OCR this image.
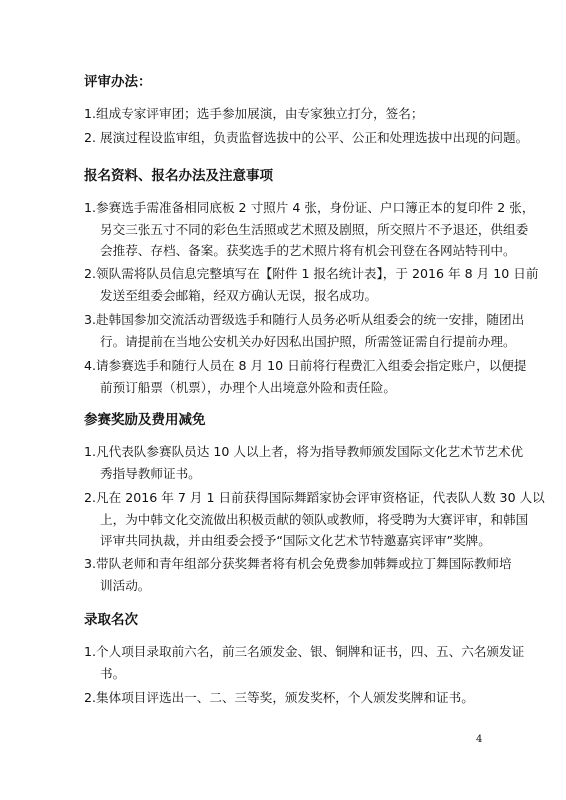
评审办法：
1.组成专家评审团；选手参加展演，由专家独立打分，签名；
2. 展演过程设监审组，负责监督选拔中的公平、公正和处理选拔中出现的问题。
报名资料、报名办法及注意事项
1.参赛选手需准备相同底板 2 寸照片 4 张，身份证、户口簿正本的复印件 2 张，
另交三张五寸不同的彩色生活照或艺术照及剧照，所交照片不予退还，供组委
会推荐、存档、备案。获奖选手的艺术照片将有机会刊登在各网站特刊中。
2.领队需将队员信息完整填写在【附件 1 报名统计表】，于 2016 年 8 月 10 日前
发送至组委会邮箱，经双方确认无误，报名成功。
3.赴韩国参加交流活动晋级选手和随行人员务必听从组委会的统一安排，随团出
行。请提前在当地公安机关办好因私出国护照，所需签证需自行提前办理。
4.请参赛选手和随行人员在 8 月 10 日前将行程费汇入组委会指定账户，以便提
前预订船票（机票），办理个人出境意外险和责任险。
参赛奖励及费用减免
1.凡代表队参赛队员达 10 人以上者，将为指导教师颁发国际文化艺术节艺术优
秀指导教师证书。
2.凡在 2016 年 7 月 1 日前获得国际舞蹈家协会评审资格证，代表队人数 30 人以
上，为中韩文化交流做出积极贡献的领队或教师，将受聘为大赛评审，和韩国
评审共同执裁，并由组委会授予“国际文化艺术节特邀嘉宾评审”奖牌。
3.带队老师和青年组部分获奖舞者将有机会免费参加韩舞或拉丁舞国际教师培
训活动。
录取名次
1.个人项目录取前六名，前三名颁发金、银、铜牌和证书，四、五、六名颁发证
书。
2.集体项目评选出一、二、三等奖，颁发奖杯，个人颁发奖牌和证书。
4
